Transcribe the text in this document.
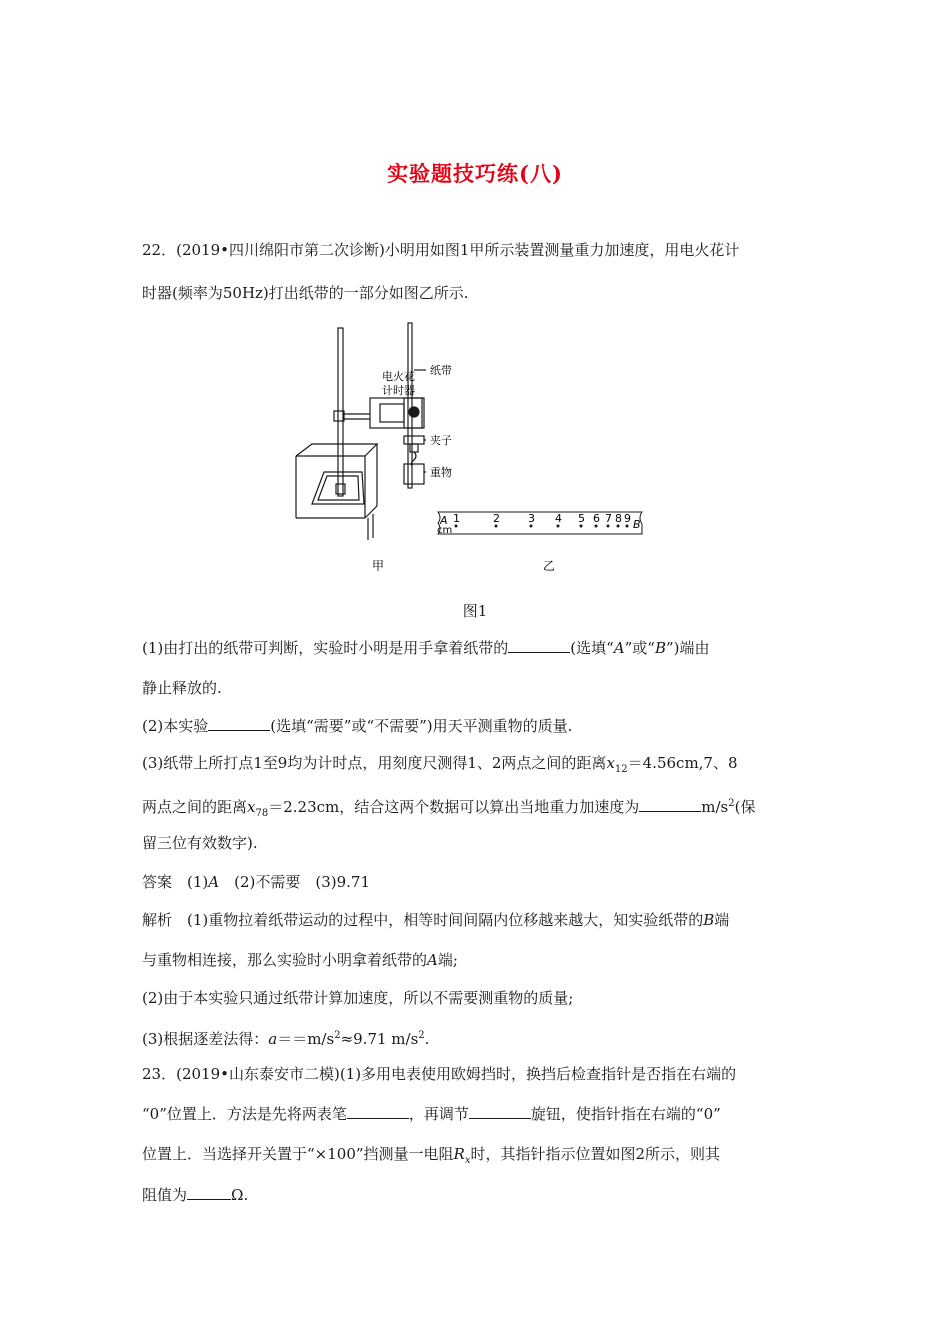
实验题技巧练(八)
22．(2019•四川绵阳市第二次诊断)小明用如图1甲所示装置测量重力加速度，用电火花计
时器(频率为50Hz)打出纸带的一部分如图乙所示.
电火花
计时器
纸带
夹子
重物
A
cm	B
1	2	3 4 5 6 7 8 9
甲	乙
图1
(1)由打出的纸带可判断，实验时小明是用手拿着纸带的	(选填“A”或“B”)端由
静止释放的.
(2)本实验	(选填“需要”或“不需要”)用天平测重物的质量.
(3)纸带上所打点1至9均为计时点，用刻度尺测得1、2两点之间的距离$x_{12}=4.56cm,7$、8
两点之间的距离$x_{78}=2.23cm$，结合这两个数据可以算出当地重力加速度为	$m/s^2$(保
留三位有效数字).
答案　(1)A　(2)不需要　(3)9.71
解析　(1)重物拉着纸带运动的过程中，相等时间间隔内位移越来越大，知实验纸带的B端
与重物相连接，那么实验时小明拿着纸带的A端;
(2)由于本实验只通过纸带计算加速度，所以不需要测重物的质量;
(3)根据逐差法得：$a==m/s^2\approx 9.71$ $m/s^2$.
23．(2019•山东泰安市二模)(1)多用电表使用欧姆挡时，换挡后检查指针是否指在右端的
“0”位置上．方法是先将两表笔	，再调节	旋钮，使指针指在右端的“0”
位置上．当选择开关置于“×100”挡测量一电阻$R_x$时，其指针指示位置如图2所示，则其
阻值为	Ω.
